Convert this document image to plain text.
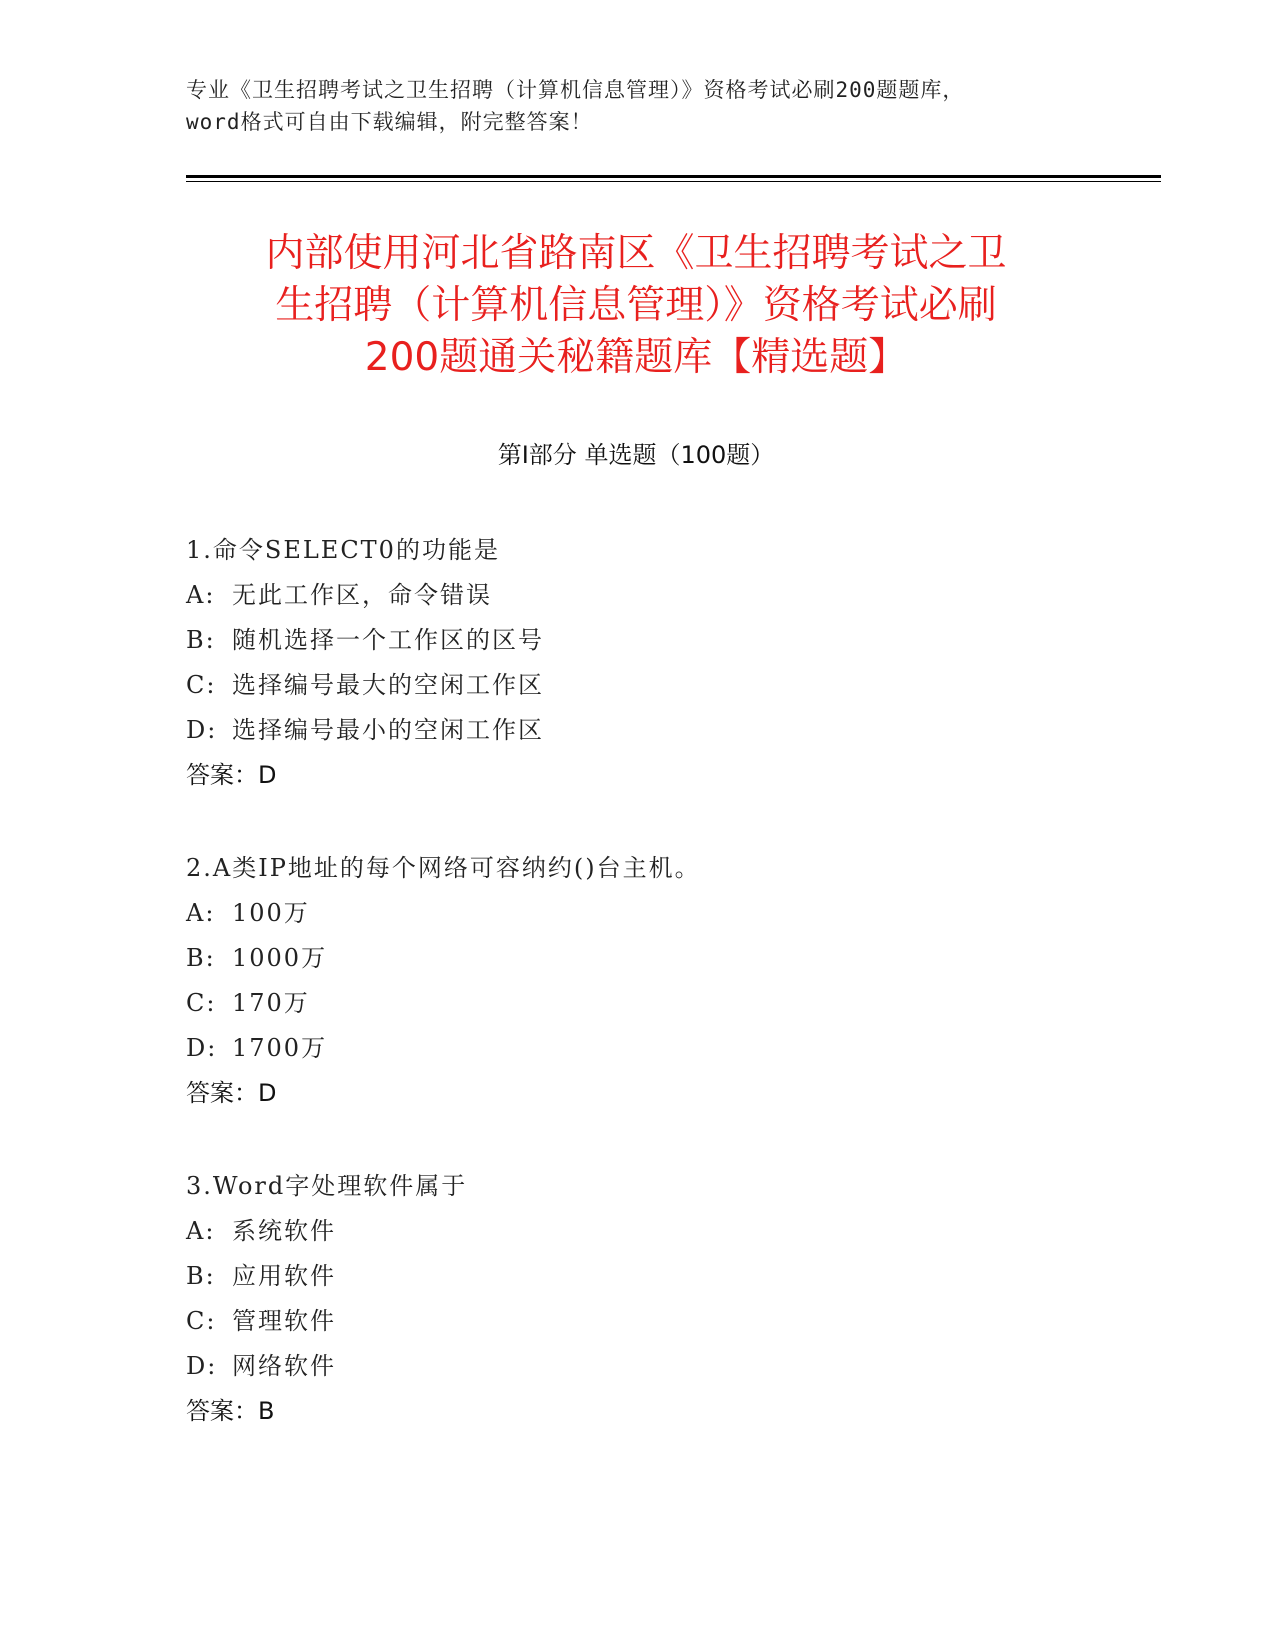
专业《卫生招聘考试之卫生招聘（计算机信息管理）》资格考试必刷200题题库，
word格式可自由下载编辑，附完整答案！
内部使用河北省路南区《卫生招聘考试之卫
生招聘（计算机信息管理）》资格考试必刷
200题通关秘籍题库【精选题】
第Ⅰ部分 单选题（100题）
1.命令SELECT0的功能是
A: 无此工作区，命令错误
B: 随机选择一个工作区的区号
C: 选择编号最大的空闲工作区
D: 选择编号最小的空闲工作区
答案：D
2.A类IP地址的每个网络可容纳约()台主机。
A: 100万
B: 1000万
C: 170万
D: 1700万
答案：D
3.Word字处理软件属于
A: 系统软件
B: 应用软件
C: 管理软件
D: 网络软件
答案：B
